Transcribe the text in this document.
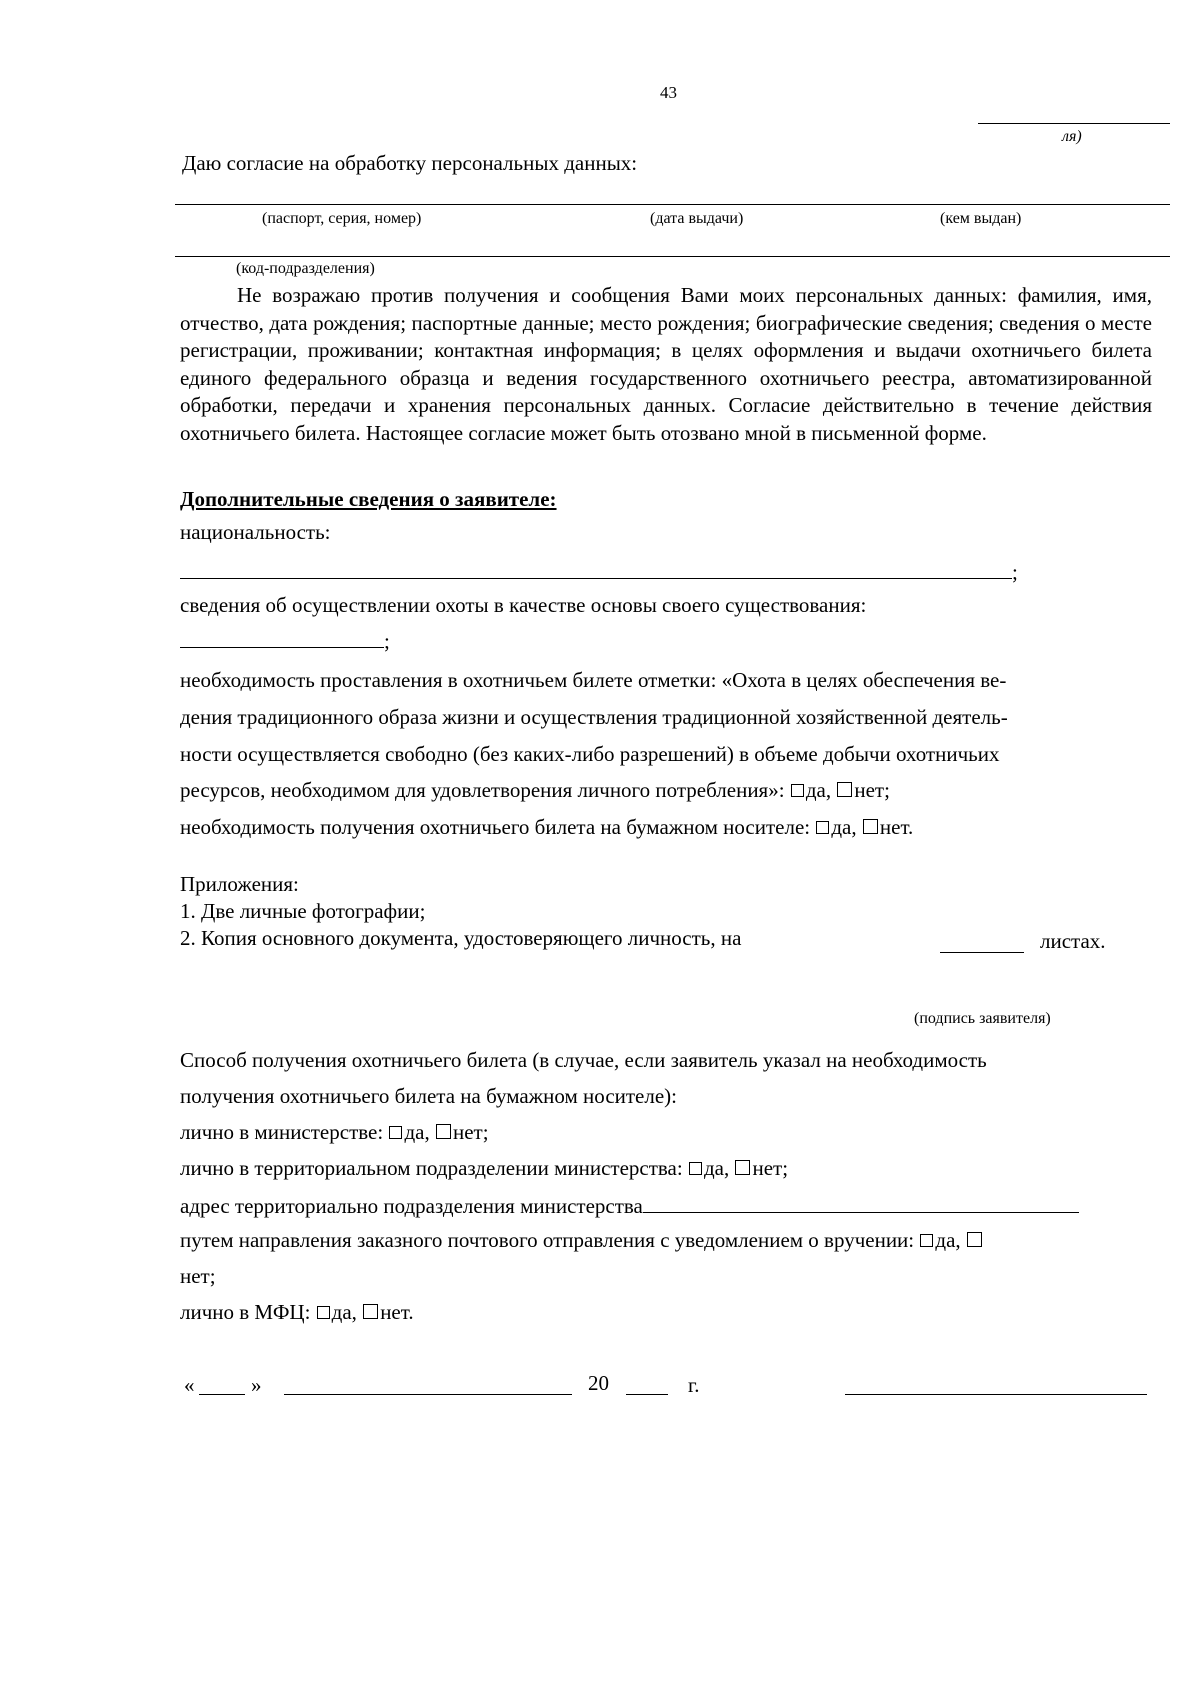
43
ля)
Даю согласие на обработку персональных данных:
(паспорт, серия, номер)	(дата выдачи)	(кем выдан)
(код-подразделения)
Не возражаю против получения и сообщения Вами моих персональных данных: фамилия, имя, отчество, дата рождения; паспортные данные; место рождения; биографические сведения; сведения о месте регистрации, проживании; контактная информация; в целях оформления и выдачи охотничьего билета единого федерального образца и ведения государственного охотничьего реестра, автоматизированной обработки, передачи и хранения персональных данных. Согласие действительно в течение действия охотничьего билета. Настоящее согласие может быть отозвано мной в письменной форме.
Дополнительные сведения о заявителе:
национальность:
;
сведения об осуществлении охоты в качестве основы своего существования:
;
необходимость проставления в охотничьем билете отметки: «Охота в целях обеспечения ве-
дения традиционного образа жизни и осуществления традиционной хозяйственной деятель-
ности осуществляется свободно (без каких-либо разрешений) в объеме добычи охотничьих
ресурсов, необходимом для удовлетворения личного потребления»: да, нет;
необходимость получения охотничьего билета на бумажном носителе: да, нет.
Приложения:
1. Две личные фотографии;
2. Копия основного документа, удостоверяющего личность, на	листах.
(подпись заявителя)
Способ получения охотничьего билета (в случае, если заявитель указал на необходимость
получения охотничьего билета на бумажном носителе):
лично в министерстве: да, нет;
лично в территориальном подразделении министерства: да, нет;
адрес территориально подразделения министерства
путем направления заказного почтового отправления с уведомлением о вручении: да,
нет;
лично в МФЦ: да, нет.
«	»	20	г.
